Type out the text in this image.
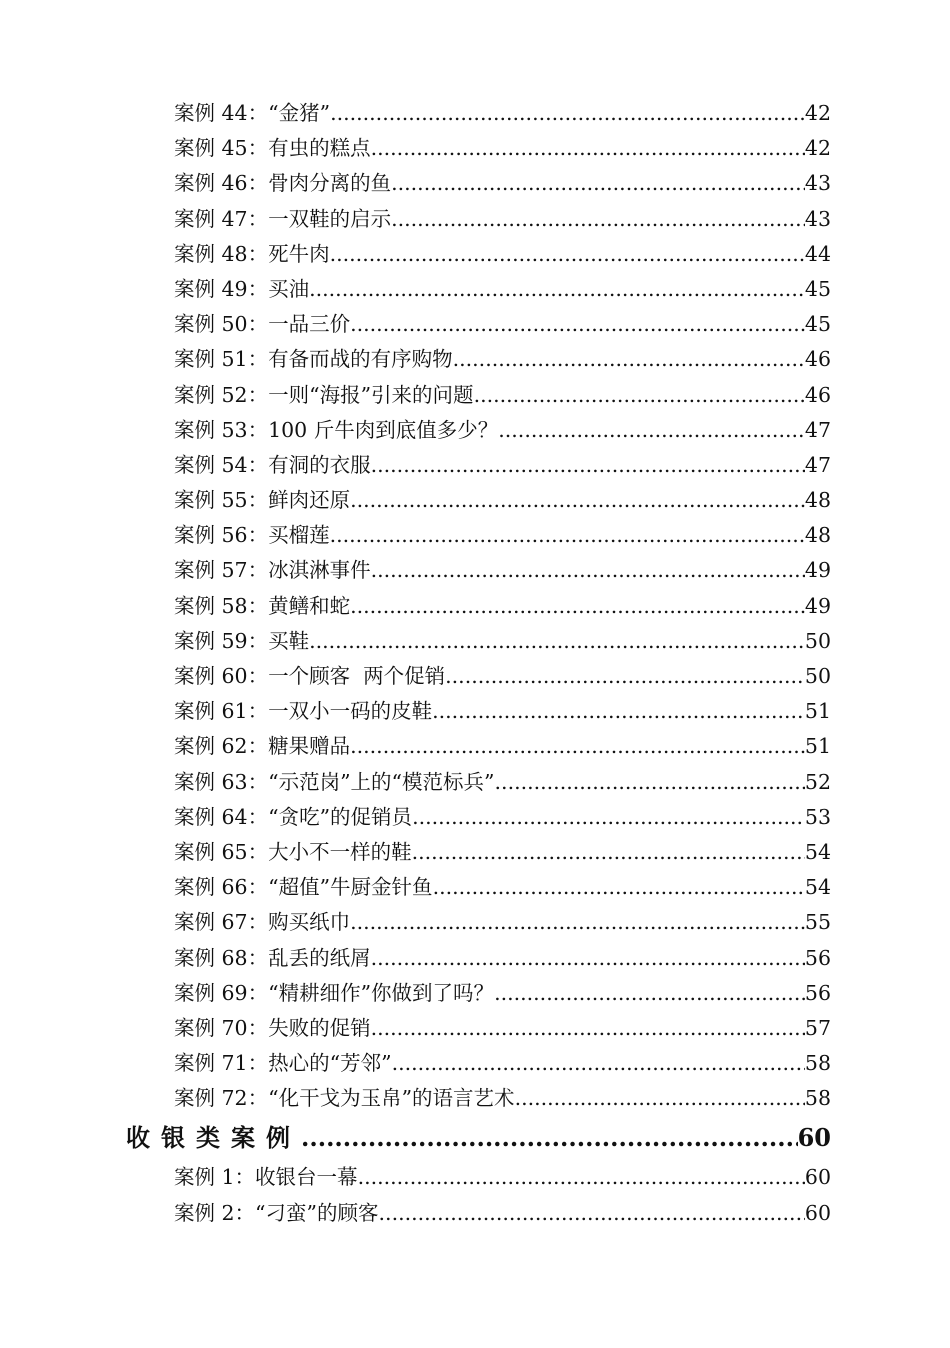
案例 44：“金猪” .....	42
案例 45：有虫的糕点 .....	42
案例 46：骨肉分离的鱼 .....	43
案例 47：一双鞋的启示 .....	43
案例 48：死牛肉 .....	44
案例 49：买油 .....	45
案例 50：一品三价 .....	45
案例 51：有备而战的有序购物 .....	46
案例 52：一则“海报”引来的问题 .....	46
案例 53：100 斤牛肉到底值多少？ .....	47
案例 54：有洞的衣服 .....	47
案例 55：鲜肉还原 .....	48
案例 56：买榴莲 .....	48
案例 57：冰淇淋事件 .....	49
案例 58：黄鳝和蛇 .....	49
案例 59：买鞋 .....	50
案例 60：一个顾客  两个促销 .....	50
案例 61：一双小一码的皮鞋 .....	51
案例 62：糖果赠品 .....	51
案例 63：“示范岗”上的“模范标兵” .....	52
案例 64：“贪吃”的促销员 .....	53
案例 65：大小不一样的鞋 .....	54
案例 66：“超值”牛厨金针鱼 .....	54
案例 67：购买纸巾 .....	55
案例 68：乱丢的纸屑 .....	56
案例 69：“精耕细作”你做到了吗？ .....	56
案例 70：失败的促销 .....	57
案例 71：热心的“芳邻” .....	58
案例 72：“化干戈为玉帛”的语言艺术 .....	58
收银类案例 .....	60
案例 1：收银台一幕 .....	60
案例 2：“刁蛮”的顾客 .....	60
